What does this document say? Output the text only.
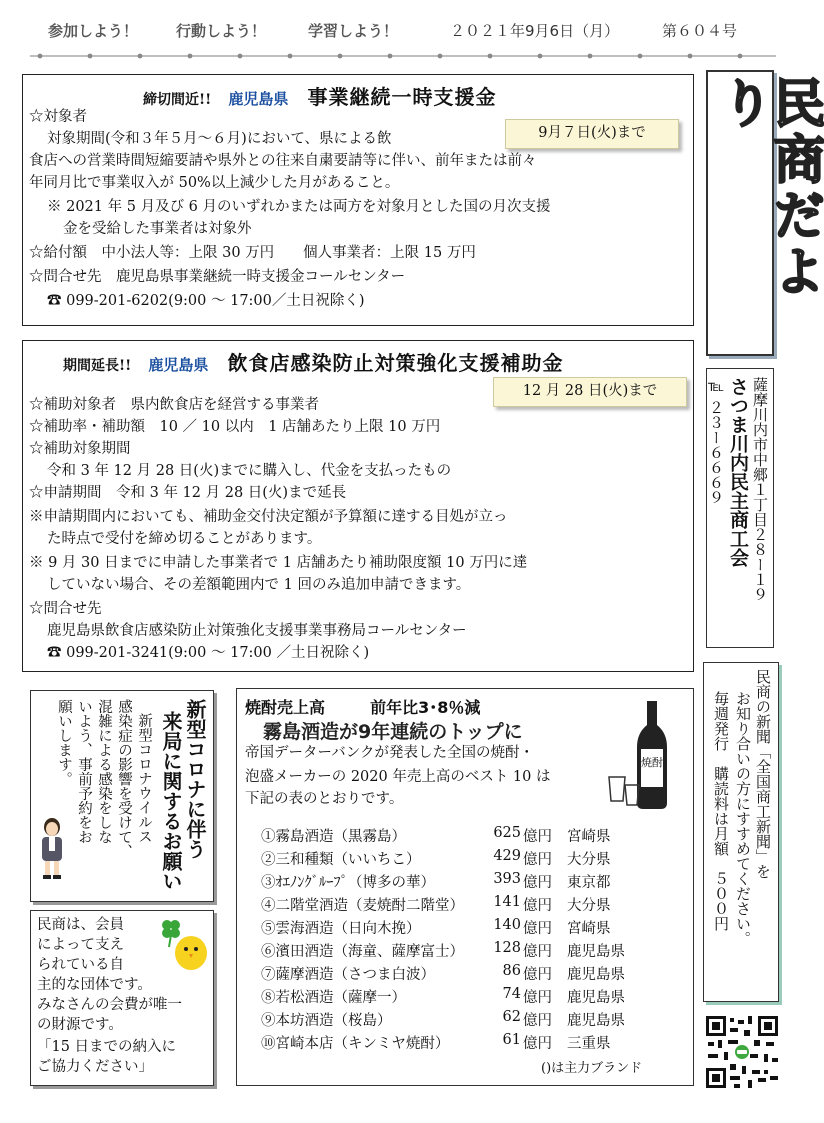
参加しよう！	行動しよう！	学習しよう！	２０２１年9月6日（月）	第６０４号
締切間近!! 鹿児島県 事業継続一時支援金
9月７日(火)まで
☆対象者
対象期間(令和３年５月～６月)において、県による飲
食店への営業時間短縮要請や県外との往来自粛要請等に伴い、前年または前々
年同月比で事業収入が 50%以上減少した月があること。
※ 2021 年 5 月及び 6 月のいずれかまたは両方を対象月とした国の月次支援
金を受給した事業者は対象外
☆給付額　中小法人等：上限 30 万円　　個人事業者：上限 15 万円
☆問合せ先　鹿児島県事業継続一時支援金コールセンター
☎ 099-201-6202(9:00 ～ 17:00／土日祝除く)
期間延長!! 鹿児島県 飲食店感染防止対策強化支援補助金
12 月 28 日(火)まで
☆補助対象者　県内飲食店を経営する事業者
☆補助率・補助額　10 ／ 10 以内　1 店舗あたり上限 10 万円
☆補助対象期間
令和 3 年 12 月 28 日(火)までに購入し、代金を支払ったもの
☆申請期間　令和 3 年 12 月 28 日(火)まで延長
※申請期間内においても、補助金交付決定額が予算額に達する目処が立っ
た時点で受付を締め切ることがあります。
※ 9 月 30 日までに申請した事業者で 1 店舗あたり補助限度額 10 万円に達
していない場合、その差額範囲内で 1 回のみ追加申請できます。
☆問合せ先
鹿児島県飲食店感染防止対策強化支援事業事務局コールセンター
☎ 099-201-3241(9:00 ～ 17:00 ／土日祝除く)
民商だより
薩摩川内市中郷１丁目２８ー１９
さつま川内民主商工会
℡ ２３ー６６６９
民商の新聞「全国商工新聞」を
お知り合いの方にすすめてください。
毎週発行　購読料は月額　５００円
新型コロナに伴う
来局に関するお願い
新型コロナウイルス
感染症の影響を受けて、
混雑による感染をしな
いよう、事前予約をお
願いします。
民商は、会員
によって支え
られている自
主的な団体です。
みなさんの会費が唯一
の財源です。
「15 日までの納入に
ご協力ください」
焼酎売上高	前年比3･8％減
霧島酒造が9年連続のトップに
帝国データーバンクが発表した全国の焼酎・
泡盛メーカーの 2020 年売上高のベスト 10 は
下記の表のとおりです。
焼酎
①霧島酒造（黒霧島）	625 億円 宮崎県
②三和種類（いいちこ）	429 億円 大分県
③ｵｴﾉﾝｸﾞﾙｰﾌﾟ（博多の華）	393 億円 東京都
④二階堂酒造（麦焼酎二階堂） 141 億円 大分県
⑤雲海酒造（日向木挽）	140 億円 宮崎県
⑥濱田酒造（海童、薩摩富士） 128 億円 鹿児島県
⑦薩摩酒造（さつま白波）	86 億円 鹿児島県
⑧若松酒造（薩摩一）	74 億円 鹿児島県
⑨本坊酒造（桜島）	62 億円 鹿児島県
⑩宮崎本店（キンミヤ焼酎）	61 億円 三重県
()は主力ブランド
